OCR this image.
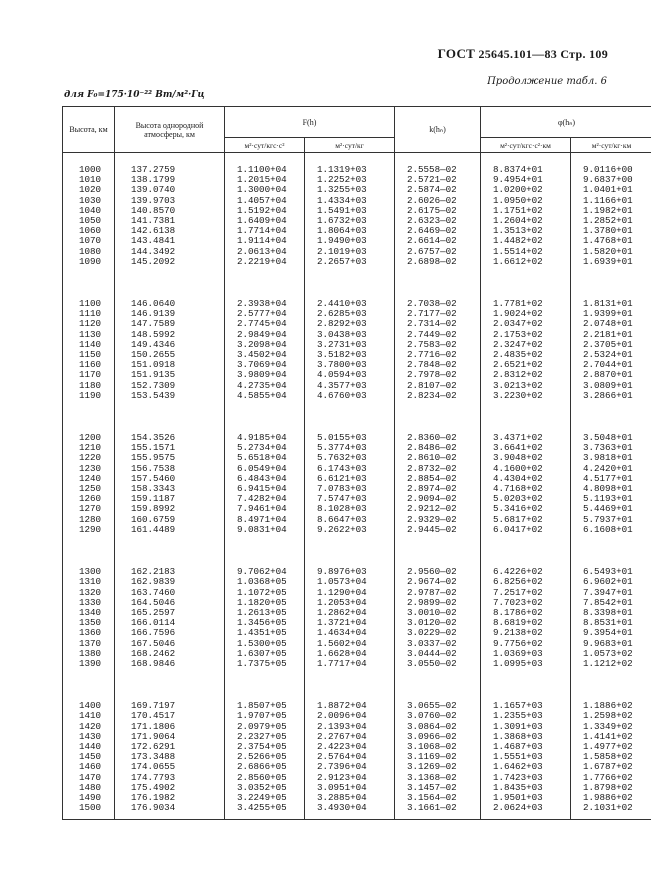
ГОСТ 25645.101—83 Стр. 109
Продолжение табл. 6
для F₀=175·10⁻²² Вт/м²·Гц
Высота, км	Высота однородной атмосферы, км	F(h)		k(hₙ)	φ(hₙ)	
		м²·сут/кгс·с²	м²·сут/кг		м²·сут/кгс·с²·км	м²·сут/кг·км

1000	137.2759	1.1100+04	1.1319+03	2.5558—02	8.8374+01	9.0116+00
1010	138.1799	1.2015+04	1.2252+03	2.5721—02	9.4954+01	9.6837+00
1020	139.0740	1.3000+04	1.3255+03	2.5874—02	1.0200+02	1.0401+01
1030	139.9703	1.4057+04	1.4334+03	2.6026—02	1.0950+02	1.1166+01
1040	140.8570	1.5192+04	1.5491+03	2.6175—02	1.1751+02	1.1982+01
1050	141.7381	1.6409+04	1.6732+03	2.6323—02	1.2604+02	1.2852+01
1060	142.6138	1.7714+04	1.8064+03	2.6469—02	1.3513+02	1.3780+01
1070	143.4841	1.9114+04	1.9490+03	2.6614—02	1.4482+02	1.4768+01
1080	144.3492	2.0613+04	2.1019+03	2.6757—02	1.5514+02	1.5820+01
1090	145.2092	2.2219+04	2.2657+03	2.6898—02	1.6612+02	1.6939+01

1100	146.0640	2.3938+04	2.4410+03	2.7038—02	1.7781+02	1.8131+01
1110	146.9139	2.5777+04	2.6285+03	2.7177—02	1.9024+02	1.9399+01
1120	147.7589	2.7745+04	2.8292+03	2.7314—02	2.0347+02	2.0748+01
1130	148.5992	2.9849+04	3.0438+03	2.7449—02	2.1753+02	2.2181+01
1140	149.4346	3.2098+04	3.2731+03	2.7583—02	2.3247+02	2.3705+01
1150	150.2655	3.4502+04	3.5182+03	2.7716—02	2.4835+02	2.5324+01
1160	151.0918	3.7069+04	3.7800+03	2.7848—02	2.6521+02	2.7044+01
1170	151.9135	3.9809+04	4.0594+03	2.7978—02	2.8312+02	2.8870+01
1180	152.7309	4.2735+04	4.3577+03	2.8107—02	3.0213+02	3.0809+01
1190	153.5439	4.5855+04	4.6760+03	2.8234—02	3.2230+02	3.2866+01

1200	154.3526	4.9185+04	5.0155+03	2.8360—02	3.4371+02	3.5048+01
1210	155.1571	5.2734+04	5.3774+03	2.8486—02	3.6641+02	3.7363+01
1220	155.9575	5.6518+04	5.7632+03	2.8610—02	3.9048+02	3.9818+01
1230	156.7538	6.0549+04	6.1743+03	2.8732—02	4.1600+02	4.2420+01
1240	157.5460	6.4843+04	6.6121+03	2.8854—02	4.4304+02	4.5177+01
1250	158.3343	6.9415+04	7.0783+03	2.8974—02	4.7168+02	4.8098+01
1260	159.1187	7.4282+04	7.5747+03	2.9094—02	5.0203+02	5.1193+01
1270	159.8992	7.9461+04	8.1028+03	2.9212—02	5.3416+02	5.4469+01
1280	160.6759	8.4971+04	8.6647+03	2.9329—02	5.6817+02	5.7937+01
1290	161.4489	9.0831+04	9.2622+03	2.9445—02	6.0417+02	6.1608+01

1300	162.2183	9.7062+04	9.8976+03	2.9560—02	6.4226+02	6.5493+01
1310	162.9839	1.0368+05	1.0573+04	2.9674—02	6.8256+02	6.9602+01
1320	163.7460	1.1072+05	1.1290+04	2.9787—02	7.2517+02	7.3947+01
1330	164.5046	1.1820+05	1.2053+04	2.9899—02	7.7023+02	7.8542+01
1340	165.2597	1.2613+05	1.2862+04	3.0010—02	8.1786+02	8.3398+01
1350	166.0114	1.3456+05	1.3721+04	3.0120—02	8.6819+02	8.8531+01
1360	166.7596	1.4351+05	1.4634+04	3.0229—02	9.2138+02	9.3954+01
1370	167.5046	1.5300+05	1.5602+04	3.0337—02	9.7756+02	9.9683+01
1380	168.2462	1.6307+05	1.6628+04	3.0444—02	1.0369+03	1.0573+02
1390	168.9846	1.7375+05	1.7717+04	3.0550—02	1.0995+03	1.1212+02

1400	169.7197	1.8507+05	1.8872+04	3.0655—02	1.1657+03	1.1886+02
1410	170.4517	1.9707+05	2.0096+04	3.0760—02	1.2355+03	1.2598+02
1420	171.1806	2.0979+05	2.1393+04	3.0864—02	1.3091+03	1.3349+02
1430	171.9064	2.2327+05	2.2767+04	3.0966—02	1.3868+03	1.4141+02
1440	172.6291	2.3754+05	2.4223+04	3.1068—02	1.4687+03	1.4977+02
1450	173.3488	2.5266+05	2.5764+04	3.1169—02	1.5551+03	1.5858+02
1460	174.0655	2.6866+05	2.7396+04	3.1269—02	1.6462+03	1.6787+02
1470	174.7793	2.8560+05	2.9123+04	3.1368—02	1.7423+03	1.7766+02
1480	175.4902	3.0352+05	3.0951+04	3.1457—02	1.8435+03	1.8798+02
1490	176.1982	3.2249+05	3.2885+04	3.1564—02	1.9501+03	1.9886+02
1500	176.9034	3.4255+05	3.4930+04	3.1661—02	2.0624+03	2.1031+02
